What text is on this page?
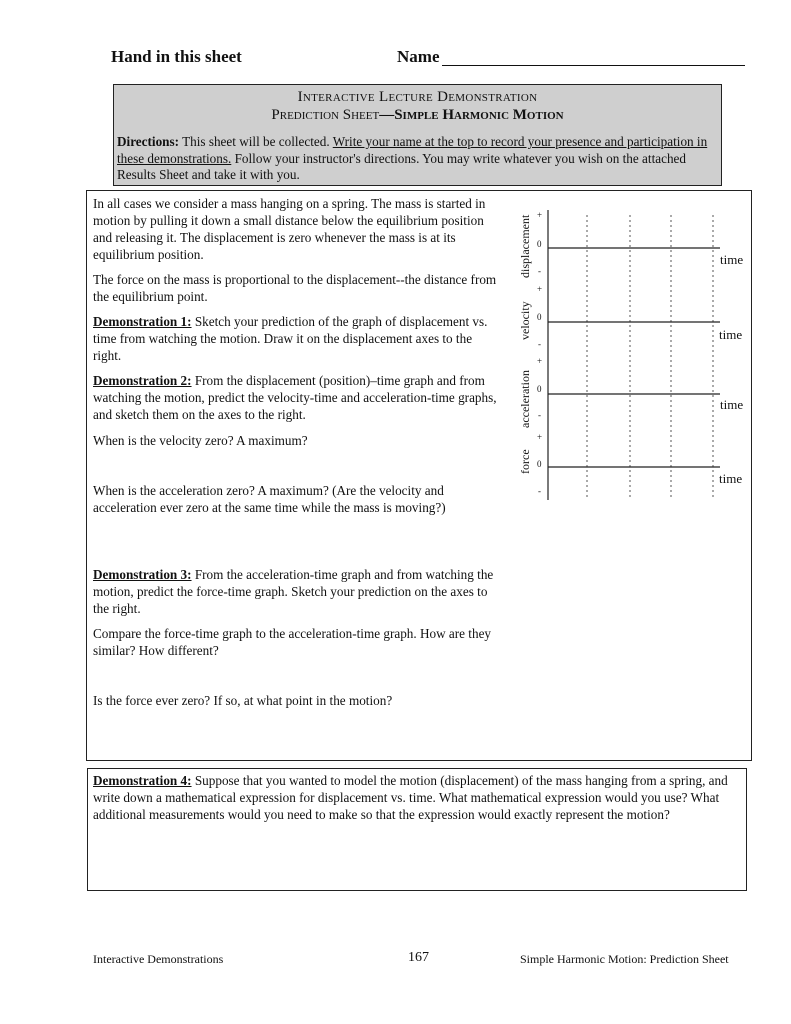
Hand in this sheet	Name
Interactive Lecture Demonstration
Prediction Sheet—Simple Harmonic Motion
Directions: This sheet will be collected. Write your name at the top to record your presence and participation in these demonstrations. Follow your instructor's directions. You may write whatever you wish on the attached Results Sheet and take it with you.
In all cases we consider a mass hanging on a spring. The mass is started in motion by pulling it down a small distance below the equilibrium position and releasing it. The displacement is zero whenever the mass is at its equilibrium position.
The force on the mass is proportional to the displacement--the distance from the equilibrium point.
Demonstration 1: Sketch your prediction of the graph of displacement vs. time from watching the motion. Draw it on the displacement axes to the right.
Demonstration 2: From the displacement (position)–time graph and from watching the motion, predict the velocity-time and acceleration-time graphs, and sketch them on the axes to the right.
When is the velocity zero? A maximum?
When is the acceleration zero? A maximum? (Are the velocity and acceleration ever zero at the same time while the mass is moving?)
Demonstration 3: From the acceleration-time graph and from watching the motion, predict the force-time graph. Sketch your prediction on the axes to the right.
Compare the force-time graph to the acceleration-time graph. How are they similar? How different?
Is the force ever zero? If so, at what point in the motion?
displacement
velocity
acceleration
force
+
0
-
+
0
-
+
0
-
+
0
-
time
time
time
time
Demonstration 4: Suppose that you wanted to model the motion (displacement) of the mass hanging from a spring, and write down a mathematical expression for displacement vs. time. What mathematical expression would you use? What additional measurements would you need to make so that the expression would exactly represent the motion?
Interactive Demonstrations	167	Simple Harmonic Motion: Prediction Sheet
